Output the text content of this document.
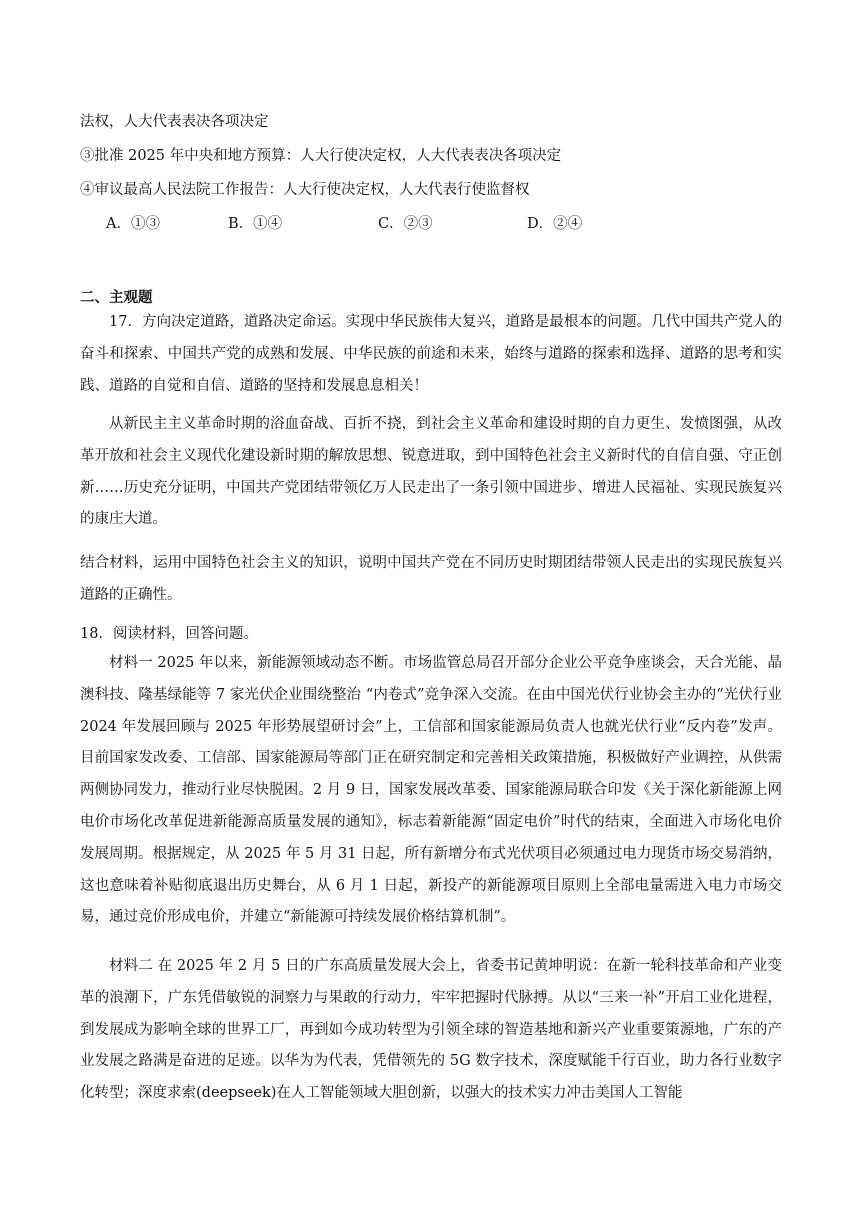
法权，人大代表表决各项决定
③批准 2025 年中央和地方预算：人大行使决定权，人大代表表决各项决定
④审议最高人民法院工作报告：人大行使决定权，人大代表行使监督权
A．①③	B．①④	C．②③	D．②④
二、主观题
17．方向决定道路，道路决定命运。实现中华民族伟大复兴，道路是最根本的问题。几代中国共产党人的奋斗和探索、中国共产党的成熟和发展、中华民族的前途和未来，始终与道路的探索和选择、道路的思考和实践、道路的自觉和自信、道路的坚持和发展息息相关！
从新民主主义革命时期的浴血奋战、百折不挠，到社会主义革命和建设时期的自力更生、发愤图强，从改革开放和社会主义现代化建设新时期的解放思想、锐意进取，到中国特色社会主义新时代的自信自强、守正创新……历史充分证明，中国共产党团结带领亿万人民走出了一条引领中国进步、增进人民福祉、实现民族复兴的康庄大道。
结合材料，运用中国特色社会主义的知识，说明中国共产党在不同历史时期团结带领人民走出的实现民族复兴道路的正确性。
18．阅读材料，回答问题。
材料一 2025 年以来，新能源领域动态不断。市场监管总局召开部分企业公平竞争座谈会，天合光能、晶澳科技、隆基绿能等 7 家光伏企业围绕整治 “内卷式”竞争深入交流。在由中国光伏行业协会主办的“光伏行业 2024 年发展回顾与 2025 年形势展望研讨会”上，工信部和国家能源局负责人也就光伏行业“反内卷”发声。目前国家发改委、工信部、国家能源局等部门正在研究制定和完善相关政策措施，积极做好产业调控，从供需两侧协同发力，推动行业尽快脱困。2 月 9 日，国家发展改革委、国家能源局联合印发《关于深化新能源上网电价市场化改革促进新能源高质量发展的通知》，标志着新能源“固定电价”时代的结束，全面进入市场化电价发展周期。根据规定，从 2025 年 5 月 31 日起，所有新增分布式光伏项目必须通过电力现货市场交易消纳，这也意味着补贴彻底退出历史舞台，从 6 月 1 日起，新投产的新能源项目原则上全部电量需进入电力市场交易，通过竞价形成电价，并建立“新能源可持续发展价格结算机制”。
材料二 在 2025 年 2 月 5 日的广东高质量发展大会上，省委书记黄坤明说：在新一轮科技革命和产业变革的浪潮下，广东凭借敏锐的洞察力与果敢的行动力，牢牢把握时代脉搏。从以“三来一补”开启工业化进程，到发展成为影响全球的世界工厂，再到如今成功转型为引领全球的智造基地和新兴产业重要策源地，广东的产业发展之路满是奋进的足迹。以华为为代表，凭借领先的 5G 数字技术，深度赋能千行百业，助力各行业数字化转型；深度求索(deepseek)在人工智能领域大胆创新，以强大的技术实力冲击美国人工智能
